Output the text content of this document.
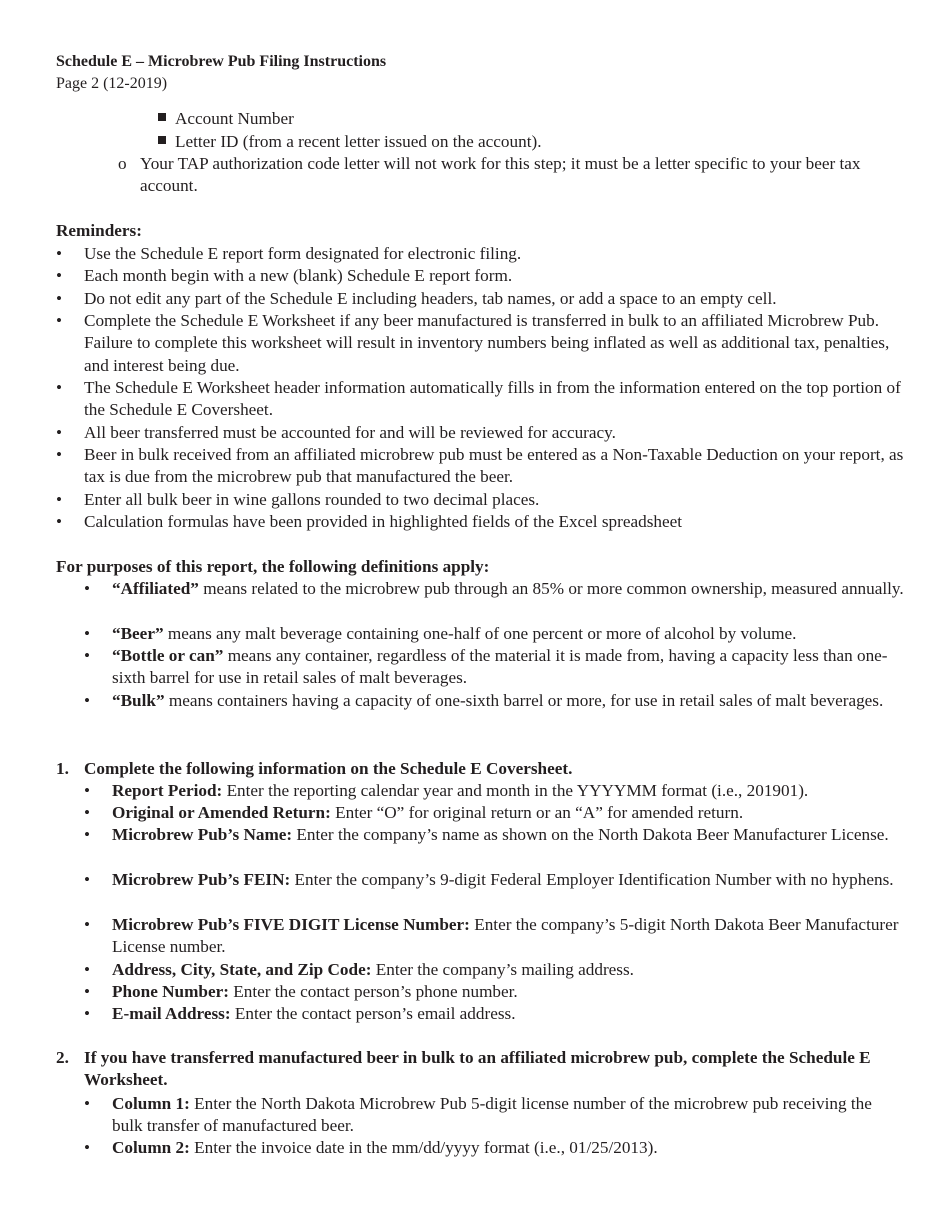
Schedule E – Microbrew Pub Filing Instructions
Page 2 (12-2019)
Account Number
Letter ID (from a recent letter issued on the account).
o Your TAP authorization code letter will not work for this step; it must be a letter specific to your beer tax account.
Reminders:
• Use the Schedule E report form designated for electronic filing.
• Each month begin with a new (blank) Schedule E report form.
• Do not edit any part of the Schedule E including headers, tab names, or add a space to an empty cell.
• Complete the Schedule E Worksheet if any beer manufactured is transferred in bulk to an affiliated Microbrew Pub. Failure to complete this worksheet will result in inventory numbers being inflated as well as additional tax, penalties, and interest being due.
• The Schedule E Worksheet header information automatically fills in from the information entered on the top portion of the Schedule E Coversheet.
• All beer transferred must be accounted for and will be reviewed for accuracy.
• Beer in bulk received from an affiliated microbrew pub must be entered as a Non-Taxable Deduction on your report, as tax is due from the microbrew pub that manufactured the beer.
• Enter all bulk beer in wine gallons rounded to two decimal places.
• Calculation formulas have been provided in highlighted fields of the Excel spreadsheet
For purposes of this report, the following definitions apply:
• “Affiliated” means related to the microbrew pub through an 85% or more common ownership, measured annually.
• “Beer” means any malt beverage containing one-half of one percent or more of alcohol by volume.
• “Bottle or can” means any container, regardless of the material it is made from, having a capacity less than one-sixth barrel for use in retail sales of malt beverages.
• “Bulk” means containers having a capacity of one-sixth barrel or more, for use in retail sales of malt beverages.
1. Complete the following information on the Schedule E Coversheet.
• Report Period: Enter the reporting calendar year and month in the YYYYMM format (i.e., 201901).
• Original or Amended Return: Enter “O” for original return or an “A” for amended return.
• Microbrew Pub’s Name: Enter the company’s name as shown on the North Dakota Beer Manufacturer License.
• Microbrew Pub’s FEIN: Enter the company’s 9-digit Federal Employer Identification Number with no hyphens.
• Microbrew Pub’s FIVE DIGIT License Number: Enter the company’s 5-digit North Dakota Beer Manufacturer License number.
• Address, City, State, and Zip Code: Enter the company’s mailing address.
• Phone Number: Enter the contact person’s phone number.
• E-mail Address: Enter the contact person’s email address.
2. If you have transferred manufactured beer in bulk to an affiliated microbrew pub, complete the Schedule E Worksheet.
• Column 1: Enter the North Dakota Microbrew Pub 5-digit license number of the microbrew pub receiving the bulk transfer of manufactured beer.
• Column 2: Enter the invoice date in the mm/dd/yyyy format (i.e., 01/25/2013).
